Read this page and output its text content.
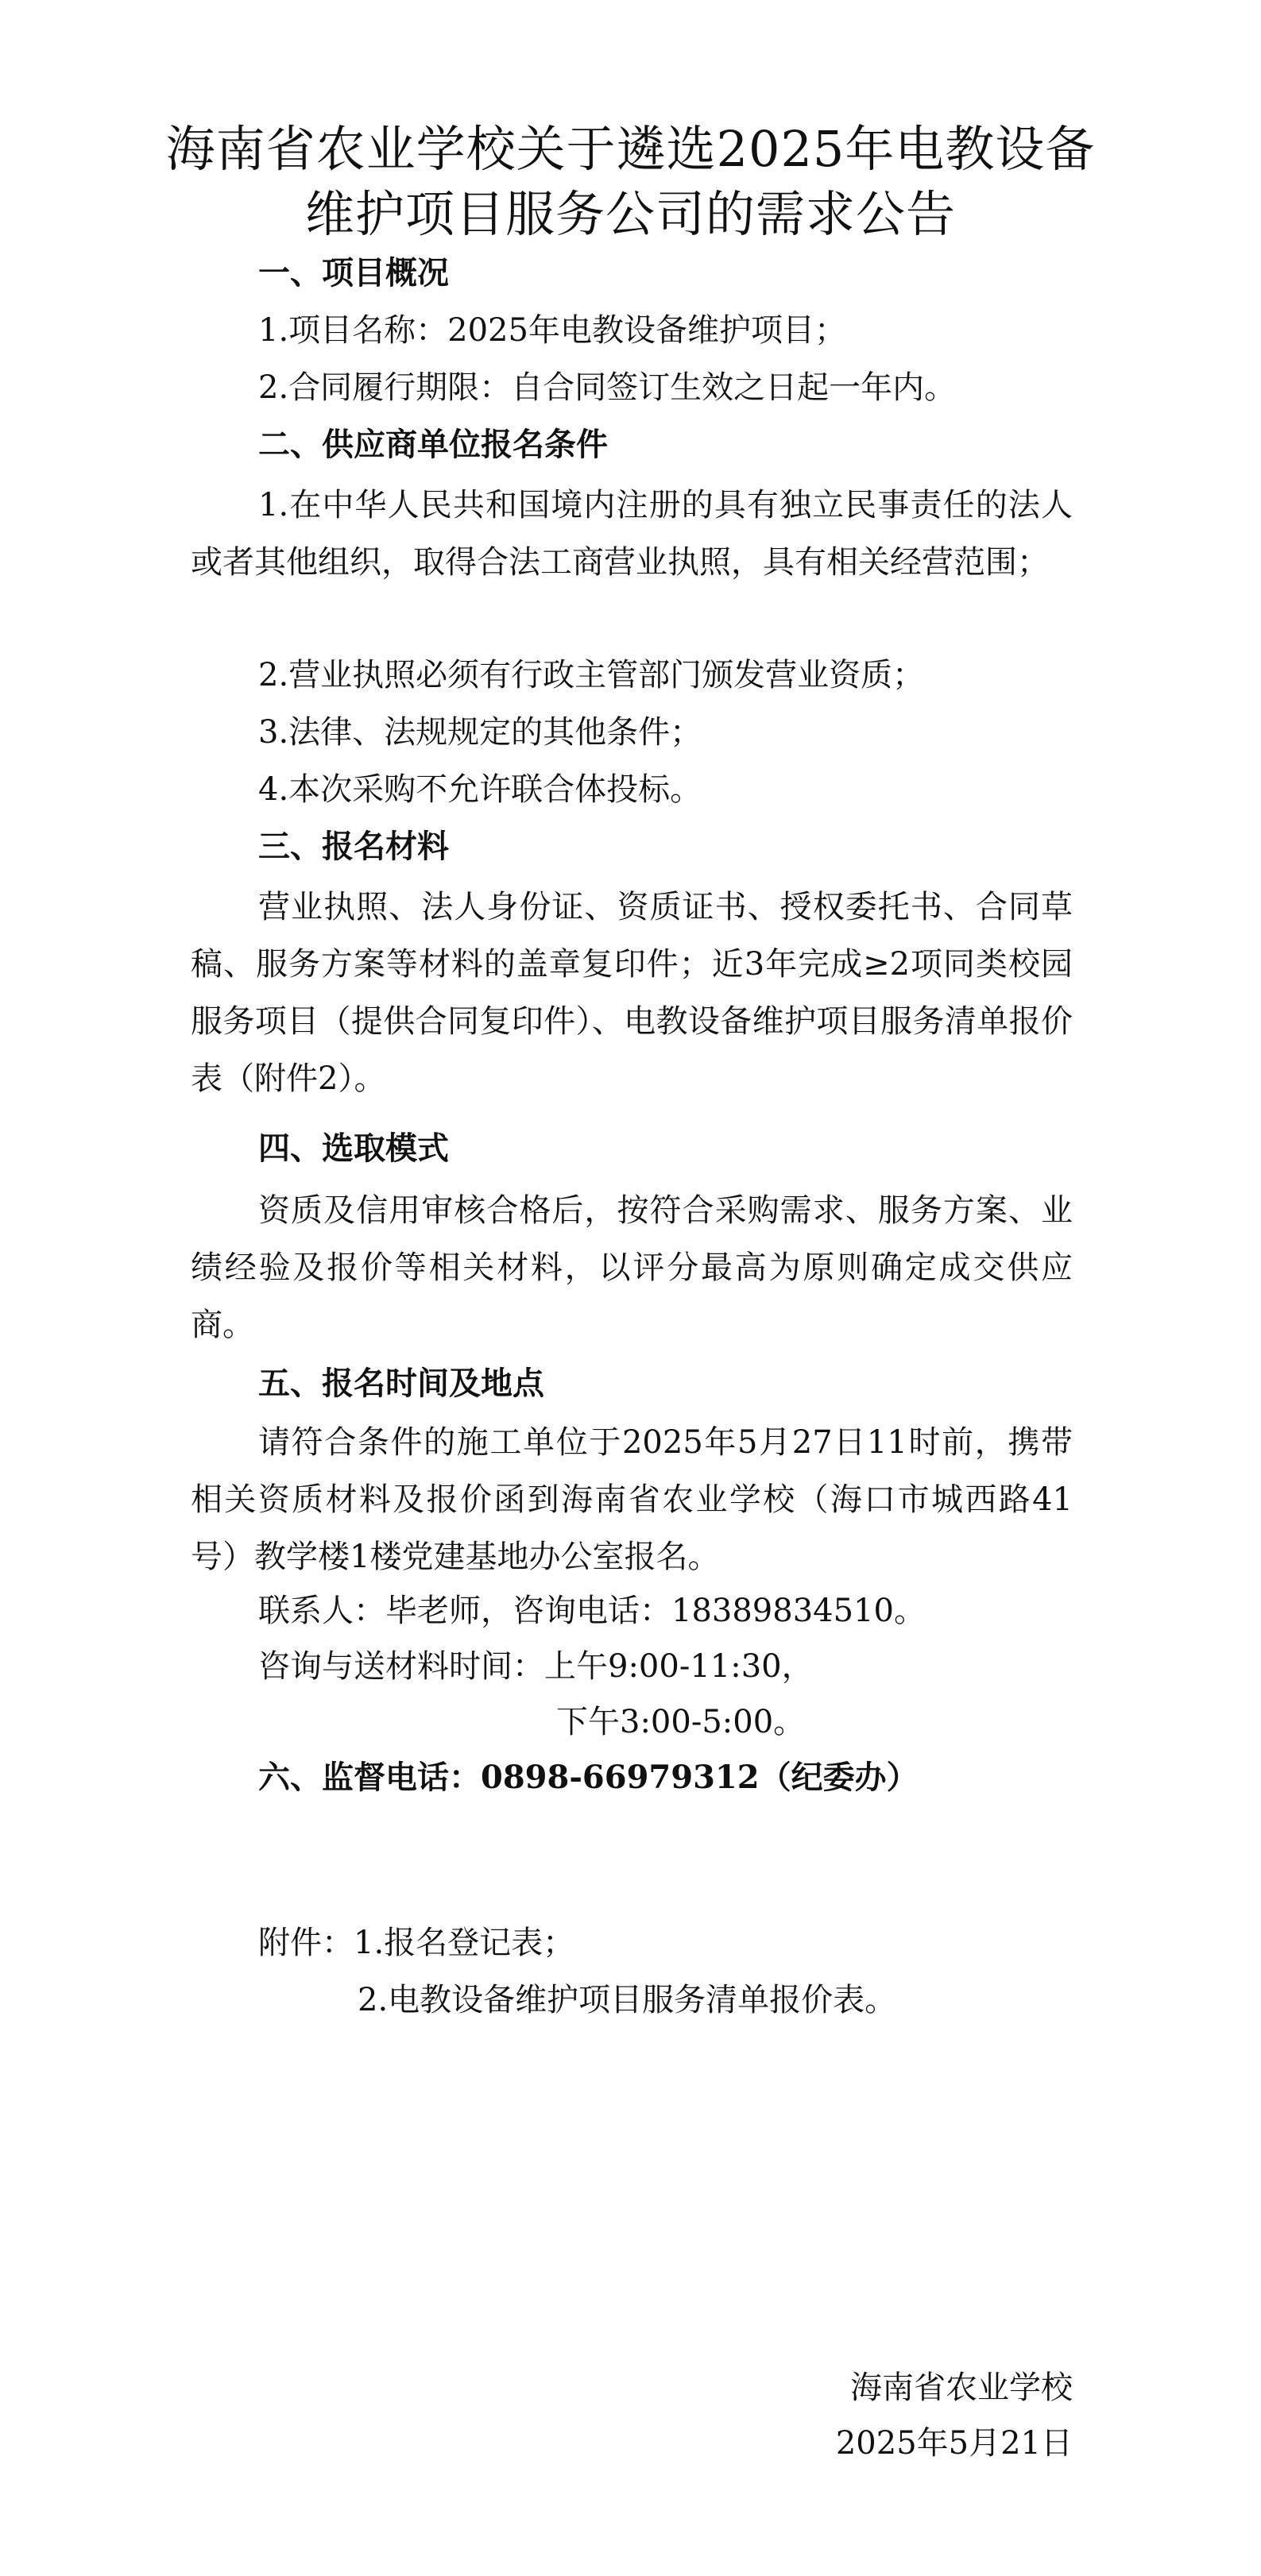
海南省农业学校关于遴选2025年电教设备
维护项目服务公司的需求公告
一、项目概况
1.项目名称：2025年电教设备维护项目；
2.合同履行期限：自合同签订生效之日起一年内。
二、供应商单位报名条件
1.在中华人民共和国境内注册的具有独立民事责任的法人或者其他组织，取得合法工商营业执照，具有相关经营范围；
2.营业执照必须有行政主管部门颁发营业资质；
3.法律、法规规定的其他条件；
4.本次采购不允许联合体投标。
三、报名材料
营业执照、法人身份证、资质证书、授权委托书、合同草稿、服务方案等材料的盖章复印件；近3年完成≥2项同类校园服务项目（提供合同复印件）、电教设备维护项目服务清单报价表（附件2）。
四、选取模式
资质及信用审核合格后，按符合采购需求、服务方案、业绩经验及报价等相关材料，以评分最高为原则确定成交供应商。
五、报名时间及地点
请符合条件的施工单位于2025年5月27日11时前，携带相关资质材料及报价函到海南省农业学校（海口市城西路41号）教学楼1楼党建基地办公室报名。
联系人：毕老师，咨询电话：18389834510。
咨询与送材料时间：上午9:00-11:30，
下午3:00-5:00。
六、监督电话：0898-66979312（纪委办）
附件：1.报名登记表；
2.电教设备维护项目服务清单报价表。
海南省农业学校
2025年5月21日
